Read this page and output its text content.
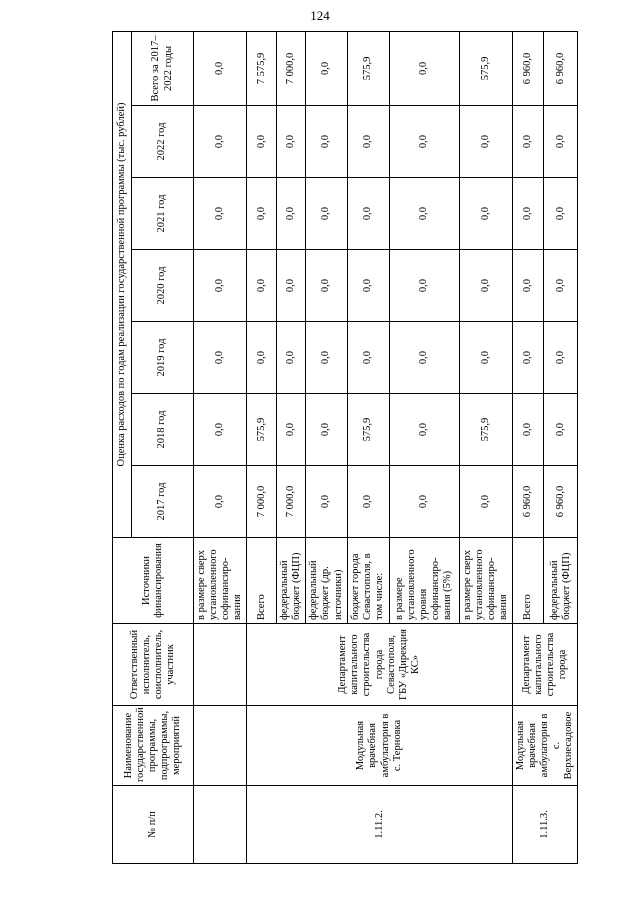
124
№ п/п	Наименование государственной программы, подпрограммы, мероприятий	Ответственный исполнитель, соисполнитель, участник	Источники финансирования	Оценка расходов по годам реализации государственной программы (тыс. рублей)						
				2017 год	2018 год	2019 год	2020 год	2021 год	2022 год	Всего за 2017–2022 годы
			в размере сверх установленного софинансиро-вания	0,0	0,0	0,0	0,0	0,0	0,0	0,0
1.11.2.	Модульная врачебная амбулатория в с. Терновка	Департамент капитального строительства города Севастополя, ГБУ «Дирекция КС»	Всего	7 000,0	575,9	0,0	0,0	0,0	0,0	7 575,9
			федеральный бюджет (ФЦП)	7 000,0	0,0	0,0	0,0	0,0	0,0	7 000,0
			федеральный бюджет (др. источники)	0,0	0,0	0,0	0,0	0,0	0,0	0,0
			бюджет города Севастополя, в том числе:	0,0	575,9	0,0	0,0	0,0	0,0	575,9
			в размере установленного уровня софинансиро-вания (5%)	0,0	0,0	0,0	0,0	0,0	0,0	0,0
			в размере сверх установленного софинансиро-вания	0,0	575,9	0,0	0,0	0,0	0,0	575,9
1.11.3.	Модульная врачебная амбулатория в с. Верхнесадовое	Департамент капитального строительства города	Всего	6 960,0	0,0	0,0	0,0	0,0	0,0	6 960,0
			федеральный бюджет (ФЦП)	6 960,0	0,0	0,0	0,0	0,0	0,0	6 960,0
